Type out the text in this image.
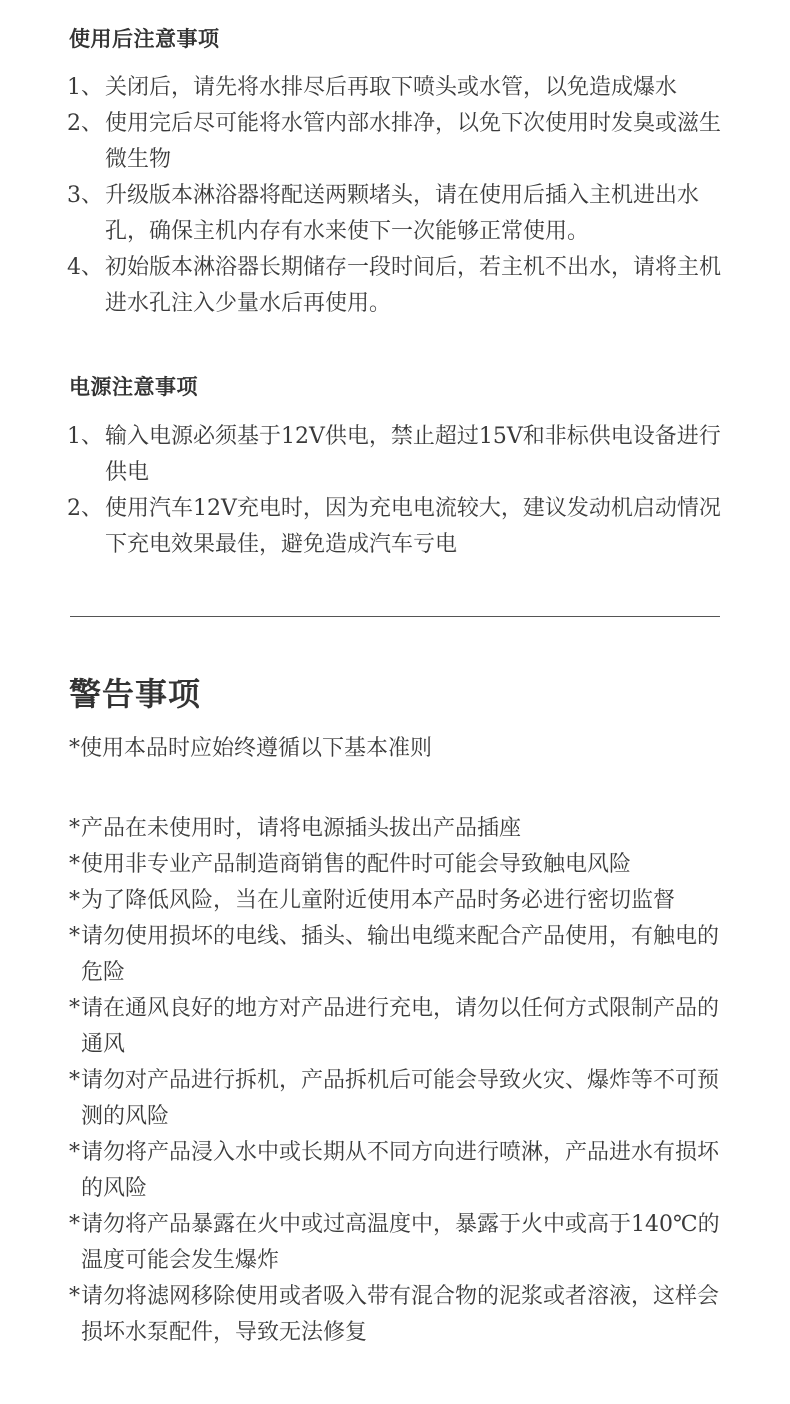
使用后注意事项
1、 关闭后，请先将水排尽后再取下喷头或水管，以免造成爆水
2、 使用完后尽可能将水管内部水排净，以免下次使用时发臭或滋生微生物
3、 升级版本淋浴器将配送两颗堵头，请在使用后插入主机进出水孔，确保主机内存有水来使下一次能够正常使用。
4、 初始版本淋浴器长期储存一段时间后，若主机不出水，请将主机进水孔注入少量水后再使用。
电源注意事项
1、 输入电源必须基于12V供电，禁止超过15V和非标供电设备进行供电
2、 使用汽车12V充电时，因为充电电流较大，建议发动机启动情况下充电效果最佳，避免造成汽车亏电
警告事项
*使用本品时应始终遵循以下基本准则
* 产品在未使用时，请将电源插头拔出产品插座
* 使用非专业产品制造商销售的配件时可能会导致触电风险
* 为了降低风险，当在儿童附近使用本产品时务必进行密切监督
* 请勿使用损坏的电线、插头、输出电缆来配合产品使用，有触电的危险
* 请在通风良好的地方对产品进行充电，请勿以任何方式限制产品的通风
* 请勿对产品进行拆机，产品拆机后可能会导致火灾、爆炸等不可预测的风险
* 请勿将产品浸入水中或长期从不同方向进行喷淋，产品进水有损坏的风险
* 请勿将产品暴露在火中或过高温度中，暴露于火中或高于140℃的温度可能会发生爆炸
* 请勿将滤网移除使用或者吸入带有混合物的泥浆或者溶液，这样会损坏水泵配件，导致无法修复
